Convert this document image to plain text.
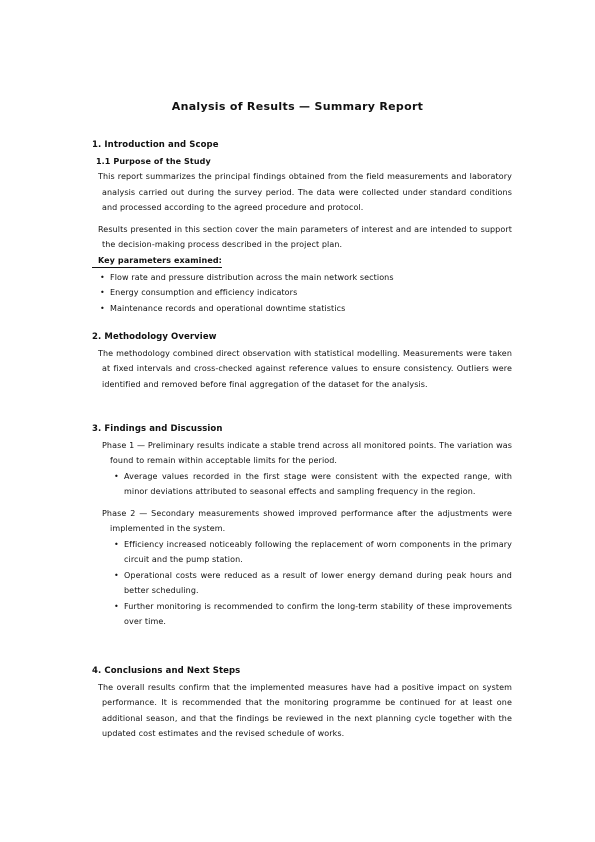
Analysis of Results — Summary Report
1. Introduction and Scope
1.1 Purpose of the Study
This report summarizes the principal findings obtained from the field measurements and laboratory analysis carried out during the survey period. The data were collected under standard conditions and processed according to the agreed procedure and protocol.
Results presented in this section cover the main parameters of interest and are intended to support the decision-making process described in the project plan.
Key parameters examined:
• Flow rate and pressure distribution across the main network sections
• Energy consumption and efficiency indicators
• Maintenance records and operational downtime statistics
2. Methodology Overview
The methodology combined direct observation with statistical modelling. Measurements were taken at fixed intervals and cross-checked against reference values to ensure consistency. Outliers were identified and removed before final aggregation of the dataset for the analysis.
3. Findings and Discussion
Phase 1 — Preliminary results indicate a stable trend across all monitored points. The variation was found to remain within acceptable limits for the period.
• Average values recorded in the first stage were consistent with the expected range, with minor deviations attributed to seasonal effects and sampling frequency in the region.
Phase 2 — Secondary measurements showed improved performance after the adjustments were implemented in the system.
• Efficiency increased noticeably following the replacement of worn components in the primary circuit and the pump station.
• Operational costs were reduced as a result of lower energy demand during peak hours and better scheduling.
• Further monitoring is recommended to confirm the long-term stability of these improvements over time.
4. Conclusions and Next Steps
The overall results confirm that the implemented measures have had a positive impact on system performance. It is recommended that the monitoring programme be continued for at least one additional season, and that the findings be reviewed in the next planning cycle together with the updated cost estimates and the revised schedule of works.
